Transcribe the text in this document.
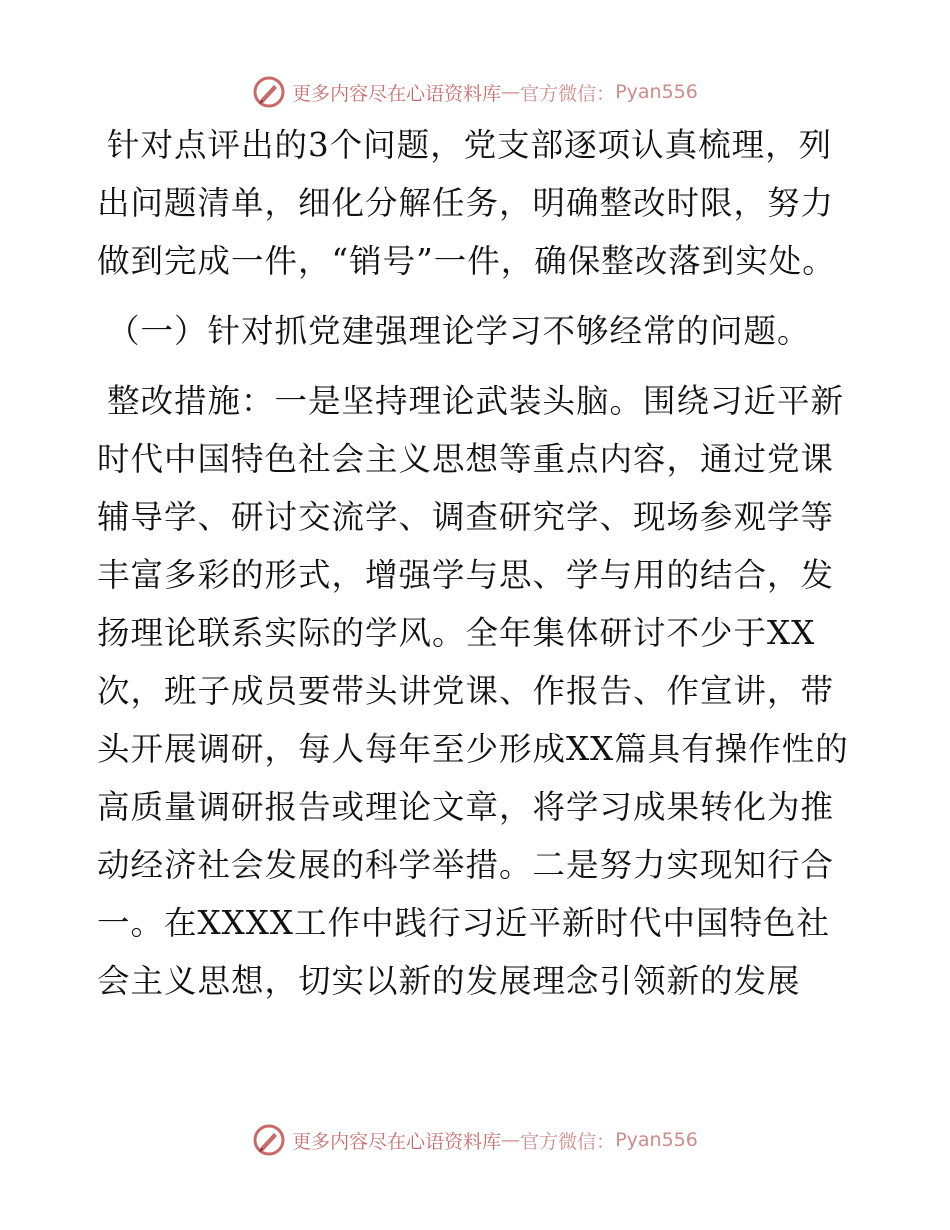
更多内容尽在心语资料库 — 官方微信： Pyan556

针对点评出的3个问题，党支部逐项认真梳理，列出问题清单，细化分解任务，明确整改时限，努力做到完成一件，“销号”一件，确保整改落到实处。

（一）针对抓党建强理论学习不够经常的问题。

整改措施：一是坚持理论武装头脑。围绕习近平新时代中国特色社会主义思想等重点内容，通过党课辅导学、研讨交流学、调查研究学、现场参观学等丰富多彩的形式，增强学与思、学与用的结合，发扬理论联系实际的学风。全年集体研讨不少于XX次，班子成员要带头讲党课、作报告、作宣讲，带头开展调研，每人每年至少形成XX篇具有操作性的高质量调研报告或理论文章，将学习成果转化为推动经济社会发展的科学举措。二是努力实现知行合一。在XXXX工作中践行习近平新时代中国特色社会主义思想，切实以新的发展理念引领新的发展

更多内容尽在心语资料库 — 官方微信： Pyan556
